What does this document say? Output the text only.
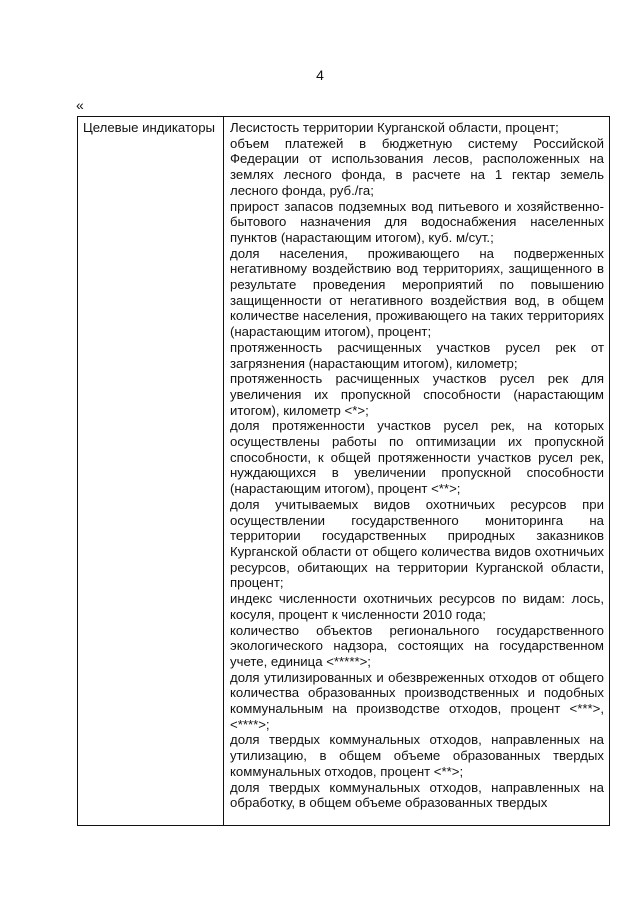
4
«
Целевые индикаторы	Лесистость территории Курганской области, процент;

объем платежей в бюджетную систему Российской Федерации от использования лесов, расположенных на землях лесного фонда, в расчете на 1 гектар земель лесного фонда, руб./га;

прирост запасов подземных вод питьевого и хозяйственно-бытового назначения для водоснабжения населенных пунктов (нарастающим итогом), куб. м/сут.;

доля населения, проживающего на подверженных негативному воздействию вод территориях, защищенного в результате проведения мероприятий по повышению защищенности от негативного воздействия вод, в общем количестве населения, проживающего на таких территориях (нарастающим итогом), процент;

протяженность расчищенных участков русел рек от загрязнения (нарастающим итогом), километр;

протяженность расчищенных участков русел рек для увеличения их пропускной способности (нарастающим итогом), километр <*>;

доля протяженности участков русел рек, на которых осуществлены работы по оптимизации их пропускной способности, к общей протяженности участков русел рек, нуждающихся в увеличении пропускной способности (нарастающим итогом), процент <**>;

доля учитываемых видов охотничьих ресурсов при осуществлении государственного мониторинга на территории государственных природных заказников Курганской области от общего количества видов охотничьих ресурсов, обитающих на территории Курганской области, процент;

индекс численности охотничьих ресурсов по видам: лось, косуля, процент к численности 2010 года;

количество объектов регионального государственного экологического надзора, состоящих на государственном учете, единица <*****>;

доля утилизированных и обезвреженных отходов от общего количества образованных производственных и подобных коммунальным на производстве отходов, процент <***>, <****>;

доля твердых коммунальных отходов, направленных на утилизацию, в общем объеме образованных твердых коммунальных отходов, процент <**>;

доля твердых коммунальных отходов, направленных на обработку, в общем объеме образованных твердых
